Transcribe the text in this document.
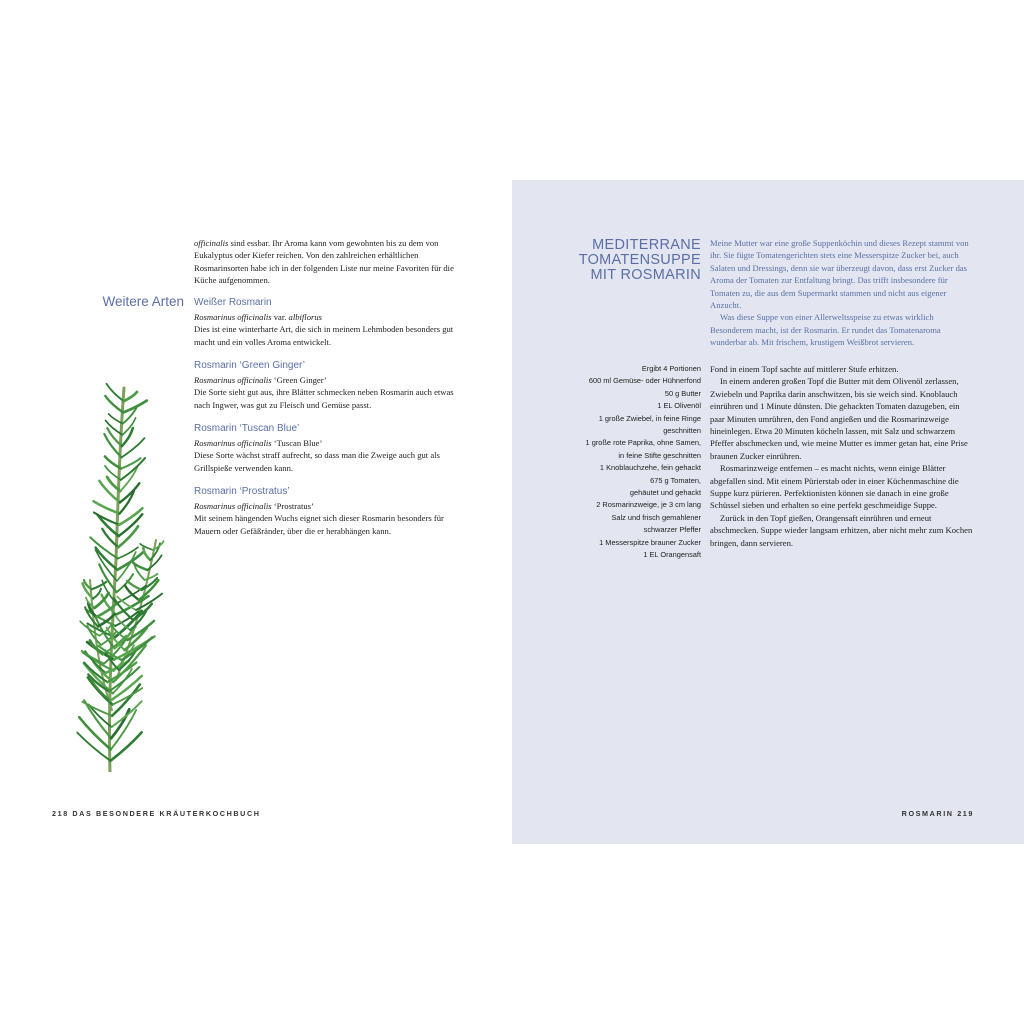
officinalis sind essbar. Ihr Aroma kann vom gewohnten bis zu dem von Eukalyptus oder Kiefer reichen. Von den zahlreichen erhältlichen Rosmarinsorten habe ich in der folgenden Liste nur meine Favoriten für die Küche aufgenommen.
Weitere Arten Weißer Rosmarin
Rosmarinus officinalis var. albiflorus

Dies ist eine winterharte Art, die sich in meinem Lehmboden besonders gut macht und ein volles Aroma entwickelt.

Rosmarin ‘Green Ginger’
Rosmarinus officinalis ‘Green Ginger’

Die Sorte sieht gut aus, ihre Blätter schmecken neben Rosmarin auch etwas nach Ingwer, was gut zu Fleisch und Gemüse passt.

Rosmarin ‘Tuscan Blue’
Rosmarinus officinalis ‘Tuscan Blue’

Diese Sorte wächst straff aufrecht, so dass man die Zweige auch gut als Grillspieße verwenden kann.

Rosmarin ‘Prostratus’
Rosmarinus officinalis ‘Prostratus’

Mit seinem hängenden Wuchs eignet sich dieser Rosmarin besonders für Mauern oder Gefäßränder, über die er herabhängen kann.

218 DAS BESONDERE KRÄUTERKOCHBUCH
MEDITERRANE
TOMATENSUPPE
MIT ROSMARIN

Meine Mutter war eine große Suppenköchin und dieses Rezept stammt von ihr. Sie fügte Tomatengerichten stets eine Messerspitze Zucker bei, auch Salaten und Dressings, denn sie war überzeugt davon, dass erst Zucker das Aroma der Tomaten zur Entfaltung bringt. Das trifft insbesondere für Tomaten zu, die aus dem Supermarkt stammen und nicht aus eigener Anzucht.

Was diese Suppe von einer Allerweltsspeise zu etwas wirklich Besonderem macht, ist der Rosmarin. Er rundet das Tomatenaroma wunderbar ab. Mit frischem, krustigem Weißbrot servieren.

Ergibt 4 Portionen
600 ml Gemüse- oder Hühnerfond
50 g Butter
1 EL Olivenöl
1 große Zwiebel, in feine Ringe
geschnitten
1 große rote Paprika, ohne Samen,
in feine Stifte geschnitten
1 Knoblauchzehe, fein gehackt
675 g Tomaten,
gehäutet und gehackt
2 Rosmarinzweige, je 3 cm lang
Salz und frisch gemahlener
schwarzer Pfeffer
1 Messerspitze brauner Zucker
1 EL Orangensaft

Fond in einem Topf sachte auf mittlerer Stufe erhitzen.

In einem anderen großen Topf die Butter mit dem Olivenöl zerlassen, Zwiebeln und Paprika darin anschwitzen, bis sie weich sind. Knoblauch einrühren und 1 Minute dünsten. Die gehackten Tomaten dazugeben, ein paar Minuten umrühren, den Fond angießen und die Rosmarinzweige hineinlegen. Etwa 20 Minuten köcheln lassen, mit Salz und schwarzem Pfeffer abschmecken und, wie meine Mutter es immer getan hat, eine Prise braunen Zucker einrühren.

Rosmarinzweige entfernen – es macht nichts, wenn einige Blätter abgefallen sind. Mit einem Pürierstab oder in einer Küchenmaschine die Suppe kurz pürieren. Perfektionisten können sie danach in eine große Schüssel sieben und erhalten so eine perfekt geschmeidige Suppe.

Zurück in den Topf gießen, Orangensaft einrühren und erneut abschmecken. Suppe wieder langsam erhitzen, aber nicht mehr zum Kochen bringen, dann servieren.

ROSMARIN 219
